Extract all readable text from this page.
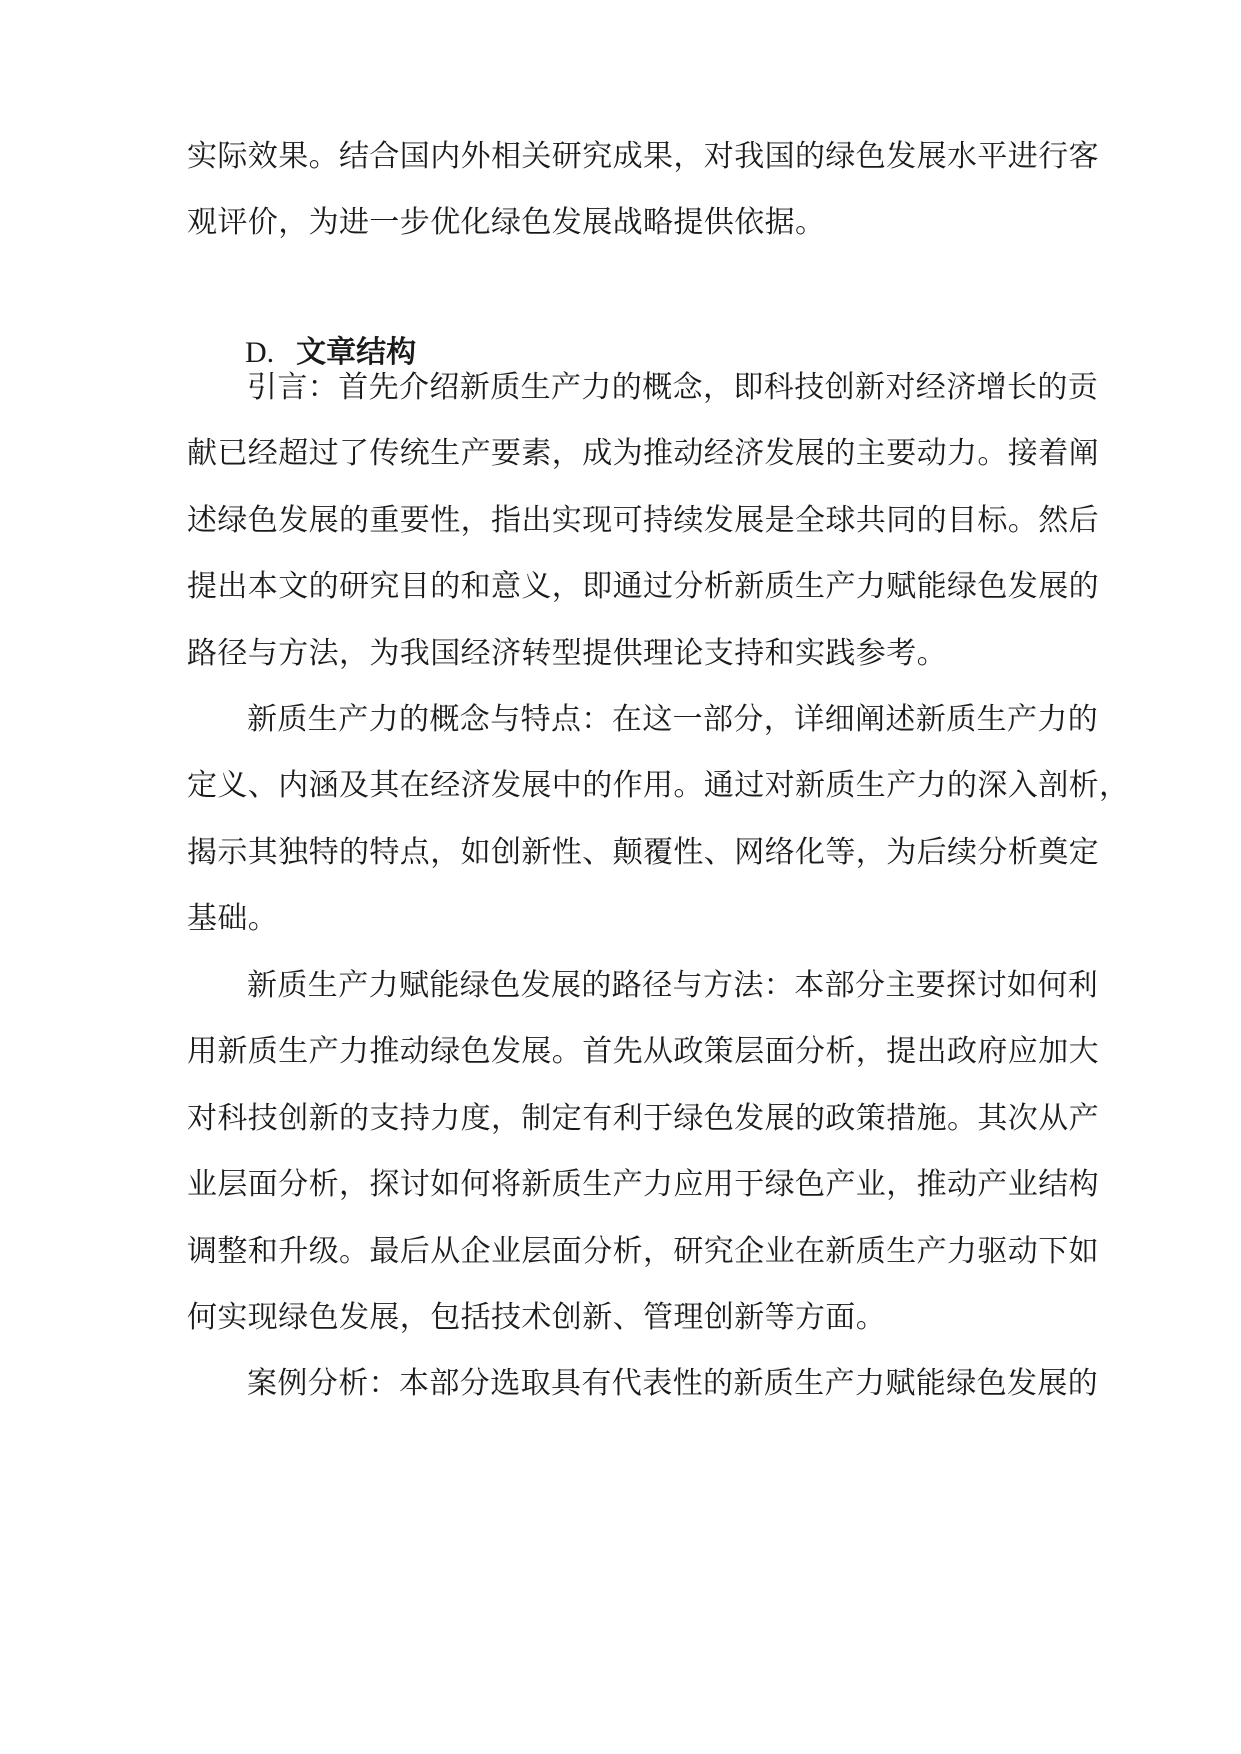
实际效果。结合国内外相关研究成果，对我国的绿色发展水平进行客
观评价，为进一步优化绿色发展战略提供依据。
D. 文章结构
引言：首先介绍新质生产力的概念，即科技创新对经济增长的贡
献已经超过了传统生产要素，成为推动经济发展的主要动力。接着阐
述绿色发展的重要性，指出实现可持续发展是全球共同的目标。然后
提出本文的研究目的和意义，即通过分析新质生产力赋能绿色发展的
路径与方法，为我国经济转型提供理论支持和实践参考。
新质生产力的概念与特点：在这一部分，详细阐述新质生产力的
定义、内涵及其在经济发展中的作用。通过对新质生产力的深入剖析，
揭示其独特的特点，如创新性、颠覆性、网络化等，为后续分析奠定
基础。
新质生产力赋能绿色发展的路径与方法：本部分主要探讨如何利
用新质生产力推动绿色发展。首先从政策层面分析，提出政府应加大
对科技创新的支持力度，制定有利于绿色发展的政策措施。其次从产
业层面分析，探讨如何将新质生产力应用于绿色产业，推动产业结构
调整和升级。最后从企业层面分析，研究企业在新质生产力驱动下如
何实现绿色发展，包括技术创新、管理创新等方面。
案例分析：本部分选取具有代表性的新质生产力赋能绿色发展的
